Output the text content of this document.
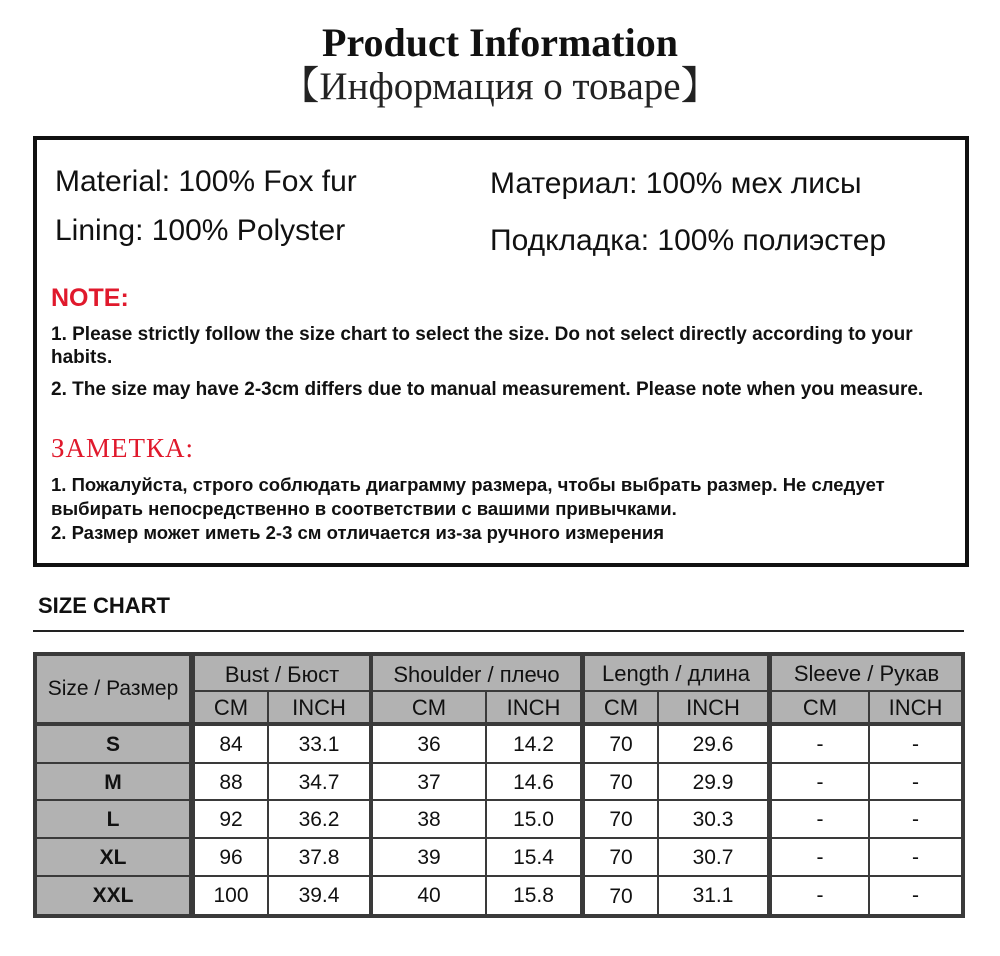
Product Information
【Информация о товаре】
Material: 100% Fox fur
Lining: 100% Polyster
Материал: 100% мех лисы
Подкладка: 100% полиэстер
NOTE:
1. Please strictly follow the size chart to select the size. Do not select directly according to your habits.
2. The size may have 2-3cm differs due to manual measurement. Please note when you measure.
ЗАМЕТКА:
1. Пожалуйста, строго соблюдать диаграмму размера, чтобы выбрать размер. Не следует выбирать непосредственно в соответствии с вашими привычками.
2. Размер может иметь 2-3 см отличается из-за ручного измерения
SIZE CHART
Size / Размер
Bust / Бюст	Shoulder / плечо	Length / длина	Sleeve / Рукав
CM	INCH	CM	INCH	CM	INCH	CM	INCH
S	84	33.1	36	14.2	70	29.6	-	-
M	88	34.7	37	14.6	70	29.9	-	-
L	92	36.2	38	15.0	70	30.3	-	-
XL	96	37.8	39	15.4	70	30.7	-	-
XXL	100	39.4	40	15.8	70	31.1	-	-
